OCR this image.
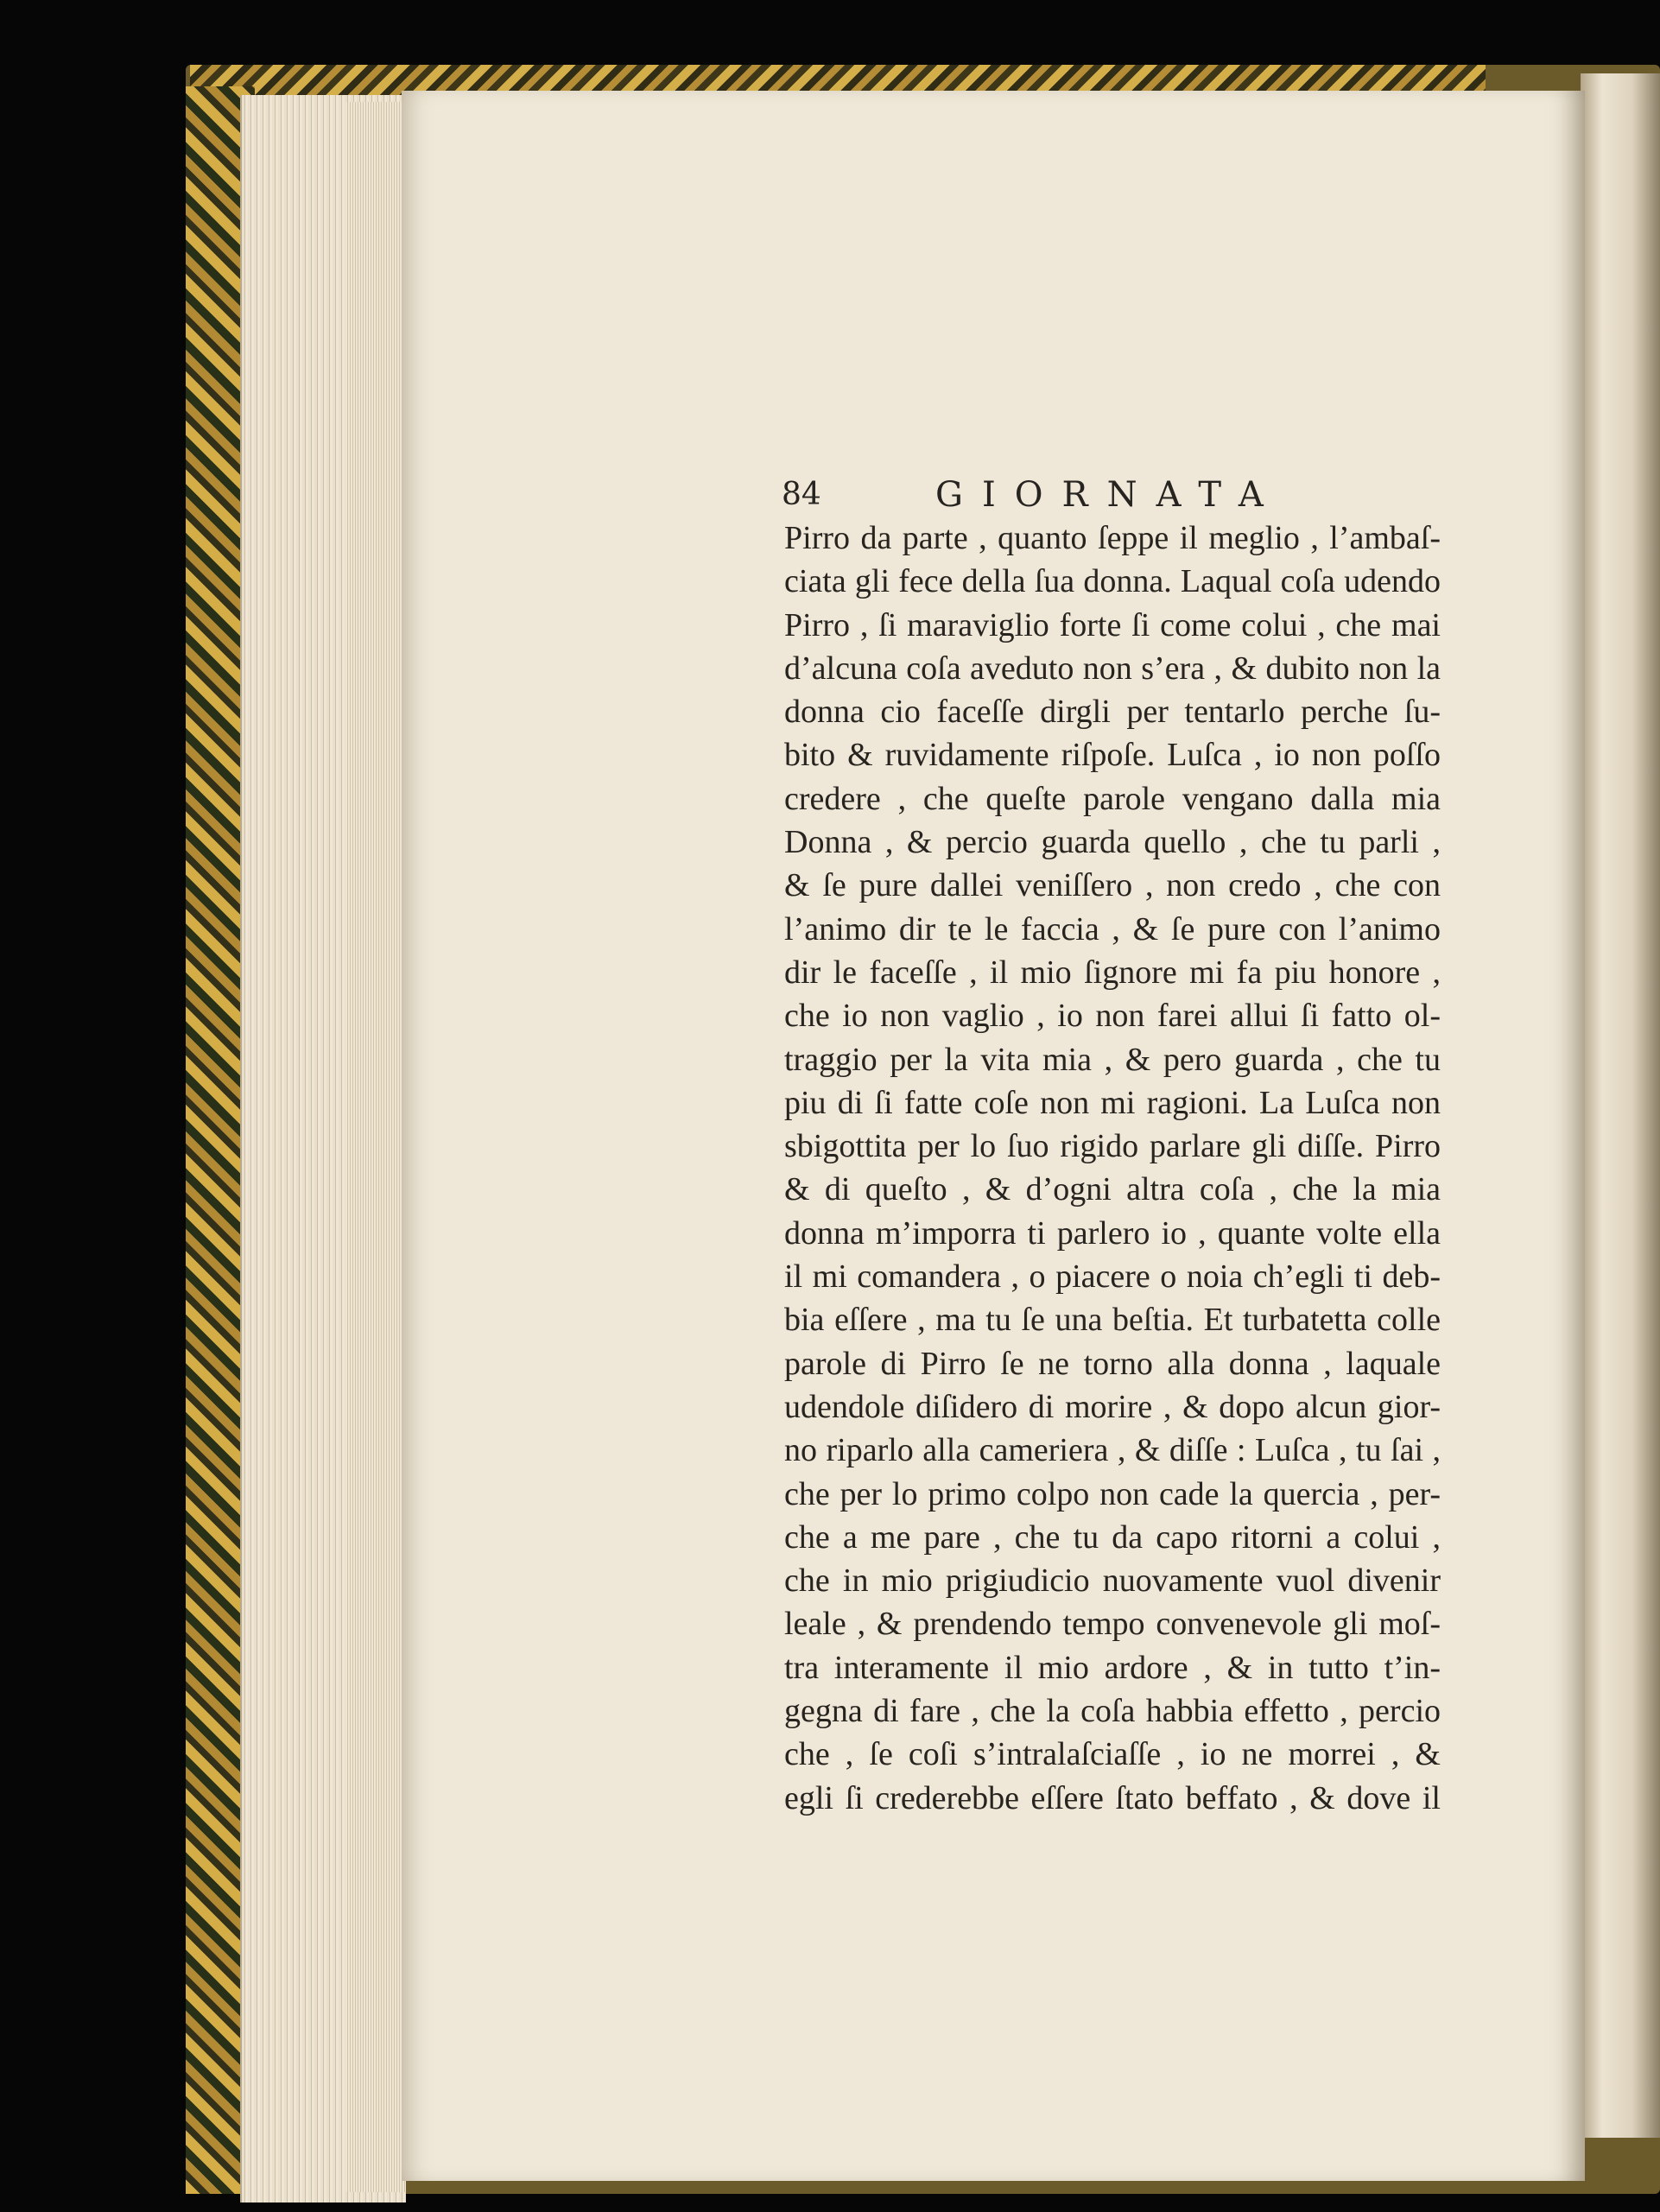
84	GIORNATA
Pirro da parte , quanto ſeppe il meglio , l’ambaſ-
ciata gli fece della ſua donna. Laqual coſa udendo
Pirro , ſi maraviglio forte ſi come colui , che mai
d’alcuna coſa aveduto non s’era , & dubito non la
donna cio faceſſe dirgli per tentarlo perche ſu-
bito & ruvidamente riſpoſe. Luſca , io non poſſo
credere , che queſte parole vengano dalla mia
Donna , & percio guarda quello , che tu parli ,
& ſe pure dallei veniſſero , non credo , che con
l’animo dir te le faccia , & ſe pure con l’animo
dir le faceſſe , il mio ſignore mi fa piu honore ,
che io non vaglio , io non farei allui ſi fatto ol-
traggio per la vita mia , & pero guarda , che tu
piu di ſi fatte coſe non mi ragioni. La Luſca non
sbigottita per lo ſuo rigido parlare gli diſſe. Pirro
& di queſto , & d’ogni altra coſa , che la mia
donna m’imporra ti parlero io , quante volte ella
il mi comandera , o piacere o noia ch’egli ti deb-
bia eſſere , ma tu ſe una beſtia. Et turbatetta colle
parole di Pirro ſe ne torno alla donna , laquale
udendole diſidero di morire , & dopo alcun gior-
no riparlo alla cameriera , & diſſe : Luſca , tu ſai ,
che per lo primo colpo non cade la quercia , per-
che a me pare , che tu da capo ritorni a colui ,
che in mio prigiudicio nuovamente vuol divenir
leale , & prendendo tempo convenevole gli moſ-
tra interamente il mio ardore , & in tutto t’in-
gegna di fare , che la coſa habbia effetto , percio
che , ſe coſi s’intralaſciaſſe , io ne morrei , &
egli ſi crederebbe eſſere ſtato beffato , & dove il
